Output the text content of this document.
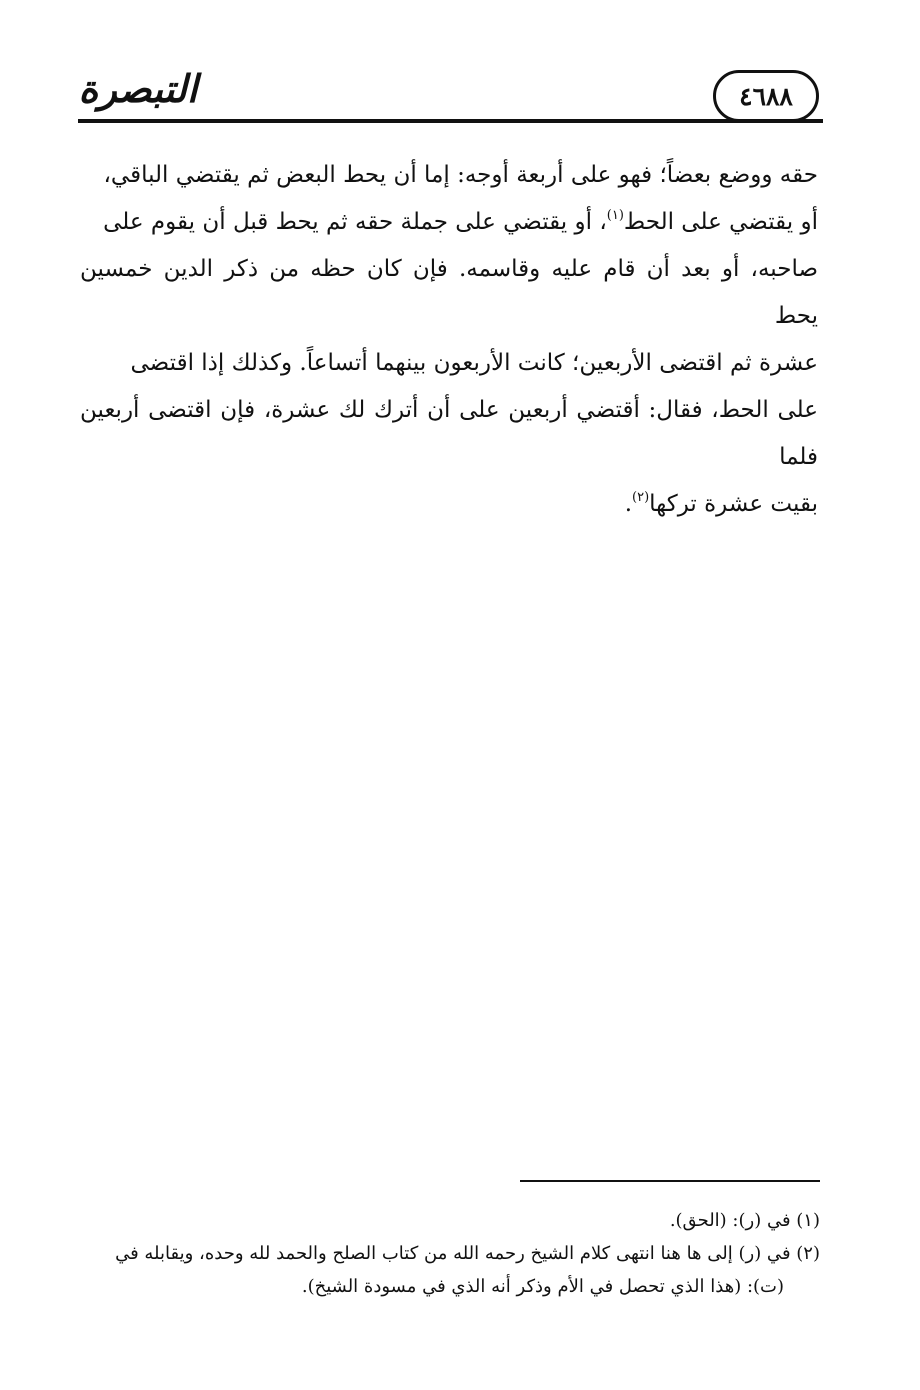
التبصرة	٤٦٨٨

حقه ووضع بعضاً؛ فهو على أربعة أوجه: إما أن يحط البعض ثم يقتضي الباقي،
أو يقتضي على الحط$^{(١)}$، أو يقتضي على جملة حقه ثم يحط قبل أن يقوم على
صاحبه، أو بعد أن قام عليه وقاسمه. فإن كان حظه من ذكر الدين خمسين يحط
عشرة ثم اقتضى الأربعين؛ كانت الأربعون بينهما أتساعاً. وكذلك إذا اقتضى
على الحط، فقال: أقتضي أربعين على أن أترك لك عشرة، فإن اقتضى أربعين فلما
بقيت عشرة تركها$^{(٢)}$.

(١) في (ر): (الحق).
(٢) في (ر) إلى ها هنا انتهى كلام الشيخ رحمه الله من كتاب الصلح والحمد لله وحده، ويقابله في
(ت): (هذا الذي تحصل في الأم وذكر أنه الذي في مسودة الشيخ).
